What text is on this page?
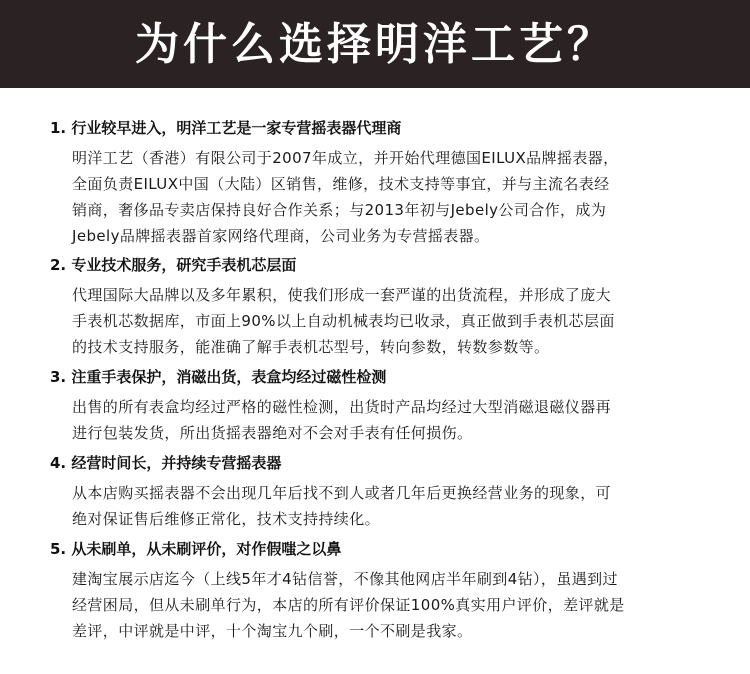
为什么选择明洋工艺？
1. 行业较早进入，明洋工艺是一家专营摇表器代理商
明洋工艺（香港）有限公司于2007年成立，并开始代理德国EILUX品牌摇表器，
全面负责EILUX中国（大陆）区销售，维修，技术支持等事宜，并与主流名表经
销商，奢侈品专卖店保持良好合作关系；与2013年初与Jebely公司合作，成为
Jebely品牌摇表器首家网络代理商，公司业务为专营摇表器。
2. 专业技术服务，研究手表机芯层面
代理国际大品牌以及多年累积，使我们形成一套严谨的出货流程，并形成了庞大
手表机芯数据库，市面上90%以上自动机械表均已收录，真正做到手表机芯层面
的技术支持服务，能准确了解手表机芯型号，转向参数，转数参数等。
3. 注重手表保护，消磁出货，表盒均经过磁性检测
出售的所有表盒均经过严格的磁性检测，出货时产品均经过大型消磁退磁仪器再
进行包装发货，所出货摇表器绝对不会对手表有任何损伤。
4. 经营时间长，并持续专营摇表器
从本店购买摇表器不会出现几年后找不到人或者几年后更换经营业务的现象，可
绝对保证售后维修正常化，技术支持持续化。
5. 从未刷单，从未刷评价，对作假嗤之以鼻
建淘宝展示店迄今（上线5年才4钻信誉，不像其他网店半年刷到4钻），虽遇到过
经营困局，但从未刷单行为，本店的所有评价保证100%真实用户评价，差评就是
差评，中评就是中评，十个淘宝九个刷，一个不刷是我家。
